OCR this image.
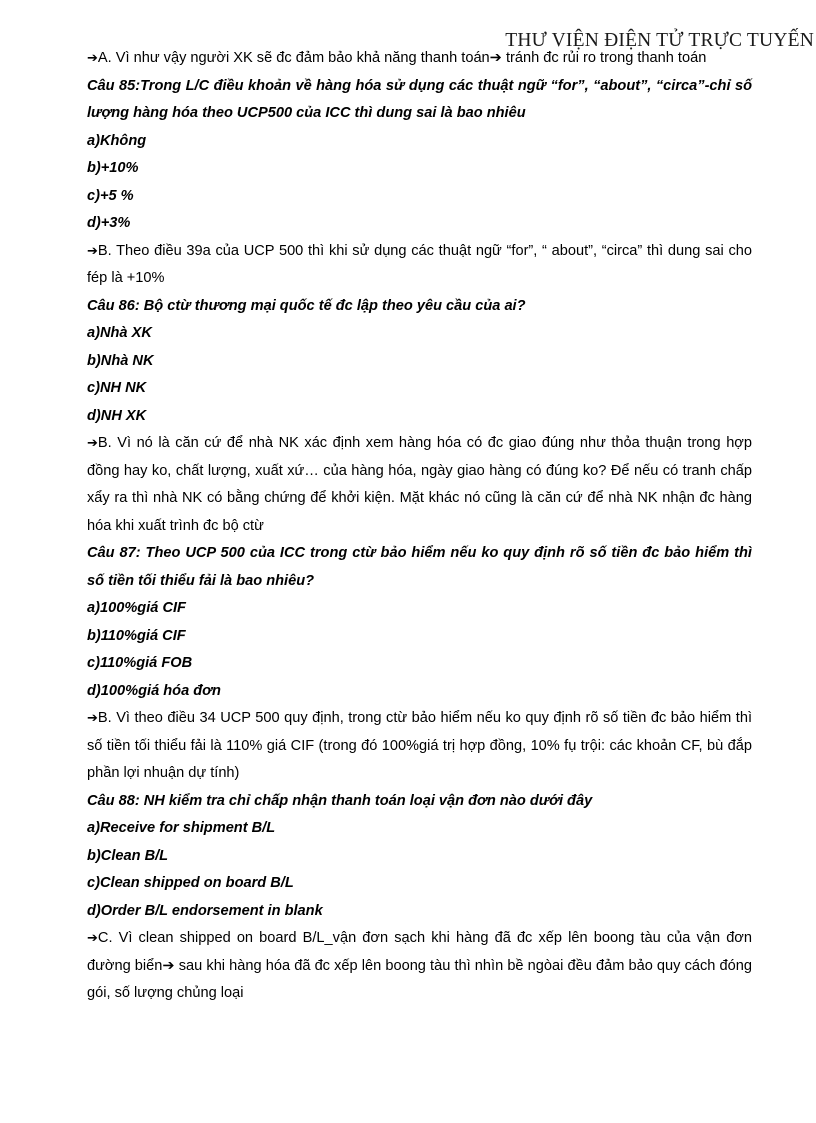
THƯ VIỆN ĐIỆN TỬ TRỰC TUYẾN

➔A. Vì như vậy người XK sẽ đc đảm bảo khả năng thanh toán➔ tránh đc rủi ro trong thanh toán

Câu 85:Trong L/C điều khoản về hàng hóa sử dụng các thuật ngữ “for”, “about”, “circa”-chỉ số lượng hàng hóa theo UCP500 của ICC thì dung sai là bao nhiêu

a)Không

b)+10%

c)+5 %

d)+3%

➔B. Theo điều 39a của UCP 500 thì khi sử dụng các thuật ngữ “for”, “ about”, “circa” thì dung sai cho fép là +10%

Câu 86: Bộ ctừ thương mại quốc tế đc lập theo yêu cầu của ai?

a)Nhà XK

b)Nhà NK

c)NH NK

d)NH XK

➔B. Vì nó là căn cứ để nhà NK xác định xem hàng hóa có đc giao đúng như thỏa thuận trong hợp đồng hay ko, chất lượng, xuất xứ… của hàng hóa, ngày giao hàng có đúng ko? Để nếu có tranh chấp xẩy ra thì nhà NK có bằng chứng để khởi kiện. Mặt khác nó cũng là căn cứ để nhà NK nhận đc hàng hóa khi xuất trình đc bộ ctừ

Câu 87: Theo UCP 500 của ICC trong ctừ bảo hiểm nếu ko quy định rõ số tiền đc bảo hiểm thì số tiền tối thiểu fải là bao nhiêu?

a)100%giá CIF

b)110%giá CIF

c)110%giá FOB

d)100%giá hóa đơn

➔B. Vì theo điều 34 UCP 500 quy định, trong ctừ bảo hiểm nếu ko quy định rõ số tiền đc bảo hiểm thì số tiền tối thiểu fải là 110% giá CIF (trong đó 100%giá trị hợp đồng, 10% fụ trội: các khoản CF, bù đắp phần lợi nhuận dự tính)

Câu 88: NH kiểm tra chỉ chấp nhận thanh toán loại vận đơn nào dưới đây

a)Receive for shipment B/L

b)Clean B/L

c)Clean shipped on board B/L

d)Order B/L endorsement in blank

➔C. Vì clean shipped on board B/L_vận đơn sạch khi hàng đã đc xếp lên boong tàu của vận đơn đường biển➔ sau khi hàng hóa đã đc xếp lên boong tàu thì nhìn bề ngòai đều đảm bảo quy cách đóng gói, số lượng chủng loại
